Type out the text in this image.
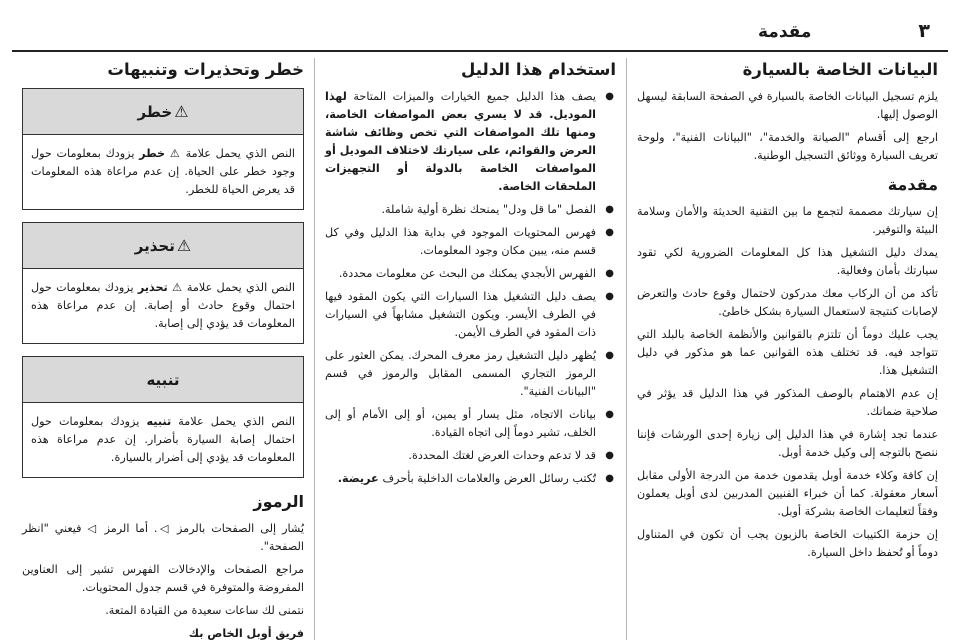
٣
مقدمة
البيانات الخاصة بالسيارة

يلزم تسجيل البيانات الخاصة بالسيارة في الصفحة السابقة ليسهل الوصول إليها.

ارجع إلى أقسام "الصيانة والخدمة"، "البيانات الفنية"، ولوحة تعريف السيارة ووثائق التسجيل الوطنية.

مقدمة

إن سيارتك مصممة لتجمع ما بين التقنية الحديثة والأمان وسلامة البيئة والتوفير.

يمدك دليل التشغيل هذا كل المعلومات الضرورية لكي تقود سيارتك بأمان وفعالية.

تأكد من أن الركاب معك مدركون لاحتمال وقوع حادث والتعرض لإصابات كنتيجة لاستعمال السيارة بشكل خاطئ.

يجب عليك دوماً أن تلتزم بالقوانين والأنظمة الخاصة بالبلد التي تتواجد فيه. قد تختلف هذه القوانين عما هو مذكور في دليل التشغيل هذا.

إن عدم الاهتمام بالوصف المذكور في هذا الدليل قد يؤثر في صلاحية ضمانك.

عندما تجد إشارة في هذا الدليل إلى زيارة إحدى الورشات فإننا ننصح بالتوجه إلى وكيل خدمة أوبل.

إن كافة وكلاء خدمة أوبل يقدمون خدمة من الدرجة الأولى مقابل أسعار معقولة. كما أن خبراء الفنيين المدربين لدى أوبل يعملون وفقاً لتعليمات الخاصة بشركة أوبل.

إن حزمة الكتيبات الخاصة بالزبون يجب أن تكون في المتناول دوماً أو تُحفظ داخل السيارة.

استخدام هذا الدليل
● يصف هذا الدليل جميع الخيارات والميزات المتاحة لهذا الموديل. قد لا يسري بعض المواصفات الخاصة، ومنها تلك المواصفات التي تخص وظائف شاشة العرض والقوائم، على سيارتك لاختلاف الموديل أو المواصفات الخاصة بالدولة أو التجهيزات الملحقات الخاصة.
● الفصل "ما قل ودل" يمنحك نظرة أولية شاملة.
● فهرس المحتويات الموجود في بداية هذا الدليل وفي كل قسم منه، يبين مكان وجود المعلومات.
● الفهرس الأبجدي يمكنك من البحث عن معلومات محددة.
● يصف دليل التشغيل هذا السيارات التي يكون المقود فيها في الطرف الأيسر. ويكون التشغيل مشابهاً في السيارات ذات المقود في الطرف الأيمن.
● يُظهر دليل التشغيل رمز معرف المحرك. يمكن العثور على الرموز التجاري المسمى المقابل والرموز في قسم "البيانات الفنية".
● بيانات الاتجاه، مثل يسار أو يمين، أو إلى الأمام أو إلى الخلف، تشير دوماً إلى اتجاه القيادة.
● قد لا تدعم وحدات العرض لغتك المحددة.
● تُكتب رسائل العرض والعلامات الداخلية بأحرف عريضة.
خطر وتحذيرات وتنبيهات
⚠
خطر
النص الذي يحمل علامة ⚠ خطر يزودك بمعلومات حول وجود خطر على الحياة. إن عدم مراعاة هذه المعلومات قد يعرض الحياة للخطر.
⚠
تحذير
النص الذي يحمل علامة ⚠ تحذير يزودك بمعلومات حول احتمال وقوع حادث أو إصابة. إن عدم مراعاة هذه المعلومات قد يؤدي إلى إصابة.
تنبيه
النص الذي يحمل علامة تنبيه يزودك بمعلومات حول احتمال إصابة السيارة بأضرار. إن عدم مراعاة هذه المعلومات قد يؤدي إلى أضرار بالسيارة.
الرموز

يُشار إلى الصفحات بالرمز ◁. أما الرمز ◁ فيعني "انظر الصفحة".

مراجع الصفحات والإدخالات الفهرس تشير إلى العناوين المفروضة والمتوفرة في قسم جدول المحتويات.

نتمنى لك ساعات سعيدة من القيادة المتعة.

فريق أوبل الخاص بك
